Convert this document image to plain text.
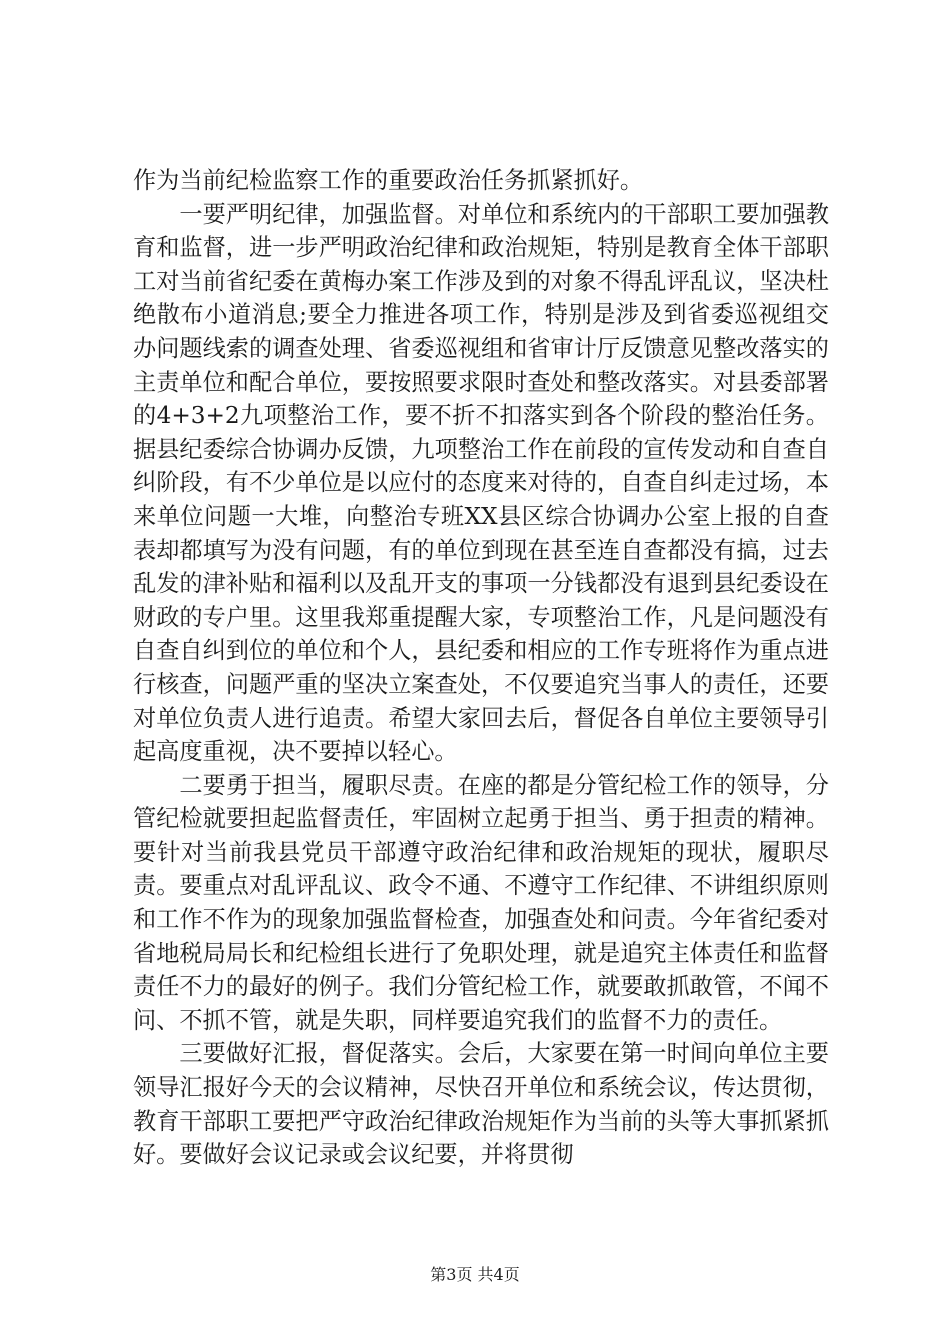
作为当前纪检监察工作的重要政治任务抓紧抓好。

一要严明纪律，加强监督。对单位和系统内的干部职工要加强教育和监督，进一步严明政治纪律和政治规矩，特别是教育全体干部职工对当前省纪委在黄梅办案工作涉及到的对象不得乱评乱议，坚决杜绝散布小道消息;要全力推进各项工作，特别是涉及到省委巡视组交办问题线索的调查处理、省委巡视组和省审计厅反馈意见整改落实的主责单位和配合单位，要按照要求限时查处和整改落实。对县委部署的4+3+2九项整治工作，要不折不扣落实到各个阶段的整治任务。据县纪委综合协调办反馈，九项整治工作在前段的宣传发动和自查自纠阶段，有不少单位是以应付的态度来对待的，自查自纠走过场，本来单位问题一大堆，向整治专班XX县区综合协调办公室上报的自查表却都填写为没有问题，有的单位到现在甚至连自查都没有搞，过去乱发的津补贴和福利以及乱开支的事项一分钱都没有退到县纪委设在财政的专户里。这里我郑重提醒大家，专项整治工作，凡是问题没有自查自纠到位的单位和个人，县纪委和相应的工作专班将作为重点进行核查，问题严重的坚决立案查处，不仅要追究当事人的责任，还要对单位负责人进行追责。希望大家回去后，督促各自单位主要领导引起高度重视，决不要掉以轻心。

二要勇于担当，履职尽责。在座的都是分管纪检工作的领导，分管纪检就要担起监督责任，牢固树立起勇于担当、勇于担责的精神。要针对当前我县党员干部遵守政治纪律和政治规矩的现状，履职尽责。要重点对乱评乱议、政令不通、不遵守工作纪律、不讲组织原则和工作不作为的现象加强监督检查，加强查处和问责。今年省纪委对省地税局局长和纪检组长进行了免职处理，就是追究主体责任和监督责任不力的最好的例子。我们分管纪检工作，就要敢抓敢管，不闻不问、不抓不管，就是失职，同样要追究我们的监督不力的责任。

三要做好汇报，督促落实。会后，大家要在第一时间向单位主要领导汇报好今天的会议精神，尽快召开单位和系统会议，传达贯彻，教育干部职工要把严守政治纪律政治规矩作为当前的头等大事抓紧抓好。要做好会议记录或会议纪要，并将贯彻

第3页 共4页
